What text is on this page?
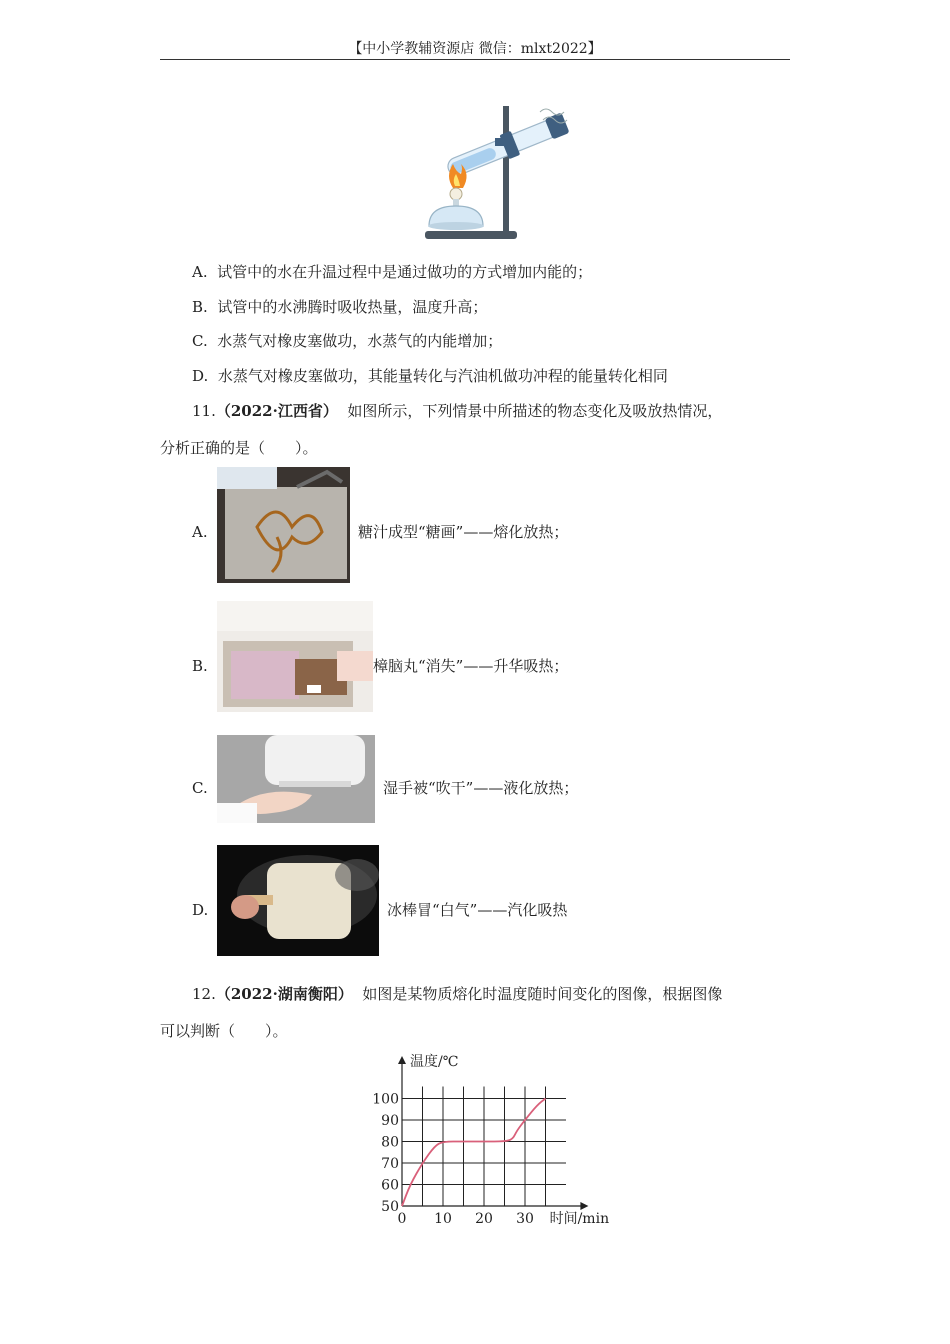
【中小学教辅资源店 微信：mlxt2022】
A. 试管中的水在升温过程中是通过做功的方式增加内能的；
B. 试管中的水沸腾时吸收热量，温度升高；
C. 水蒸气对橡皮塞做功，水蒸气的内能增加；
D. 水蒸气对橡皮塞做功，其能量转化与汽油机做功冲程的能量转化相同
11.（2022·江西省） 如图所示，下列情景中所描述的物态变化及吸放热情况，
分析正确的是（　　）。
A.	糖汁成型“糖画”——熔化放热；
B.	樟脑丸“消失”——升华吸热；
C.	湿手被“吹干”——液化放热；
D.	冰棒冒“白气”——汽化吸热
12.（2022·湖南衡阳） 如图是某物质熔化时温度随时间变化的图像，根据图像
可以判断（　　）。
50
60
70
80
90
100
0 10 20 30
温度/℃
时间/min
